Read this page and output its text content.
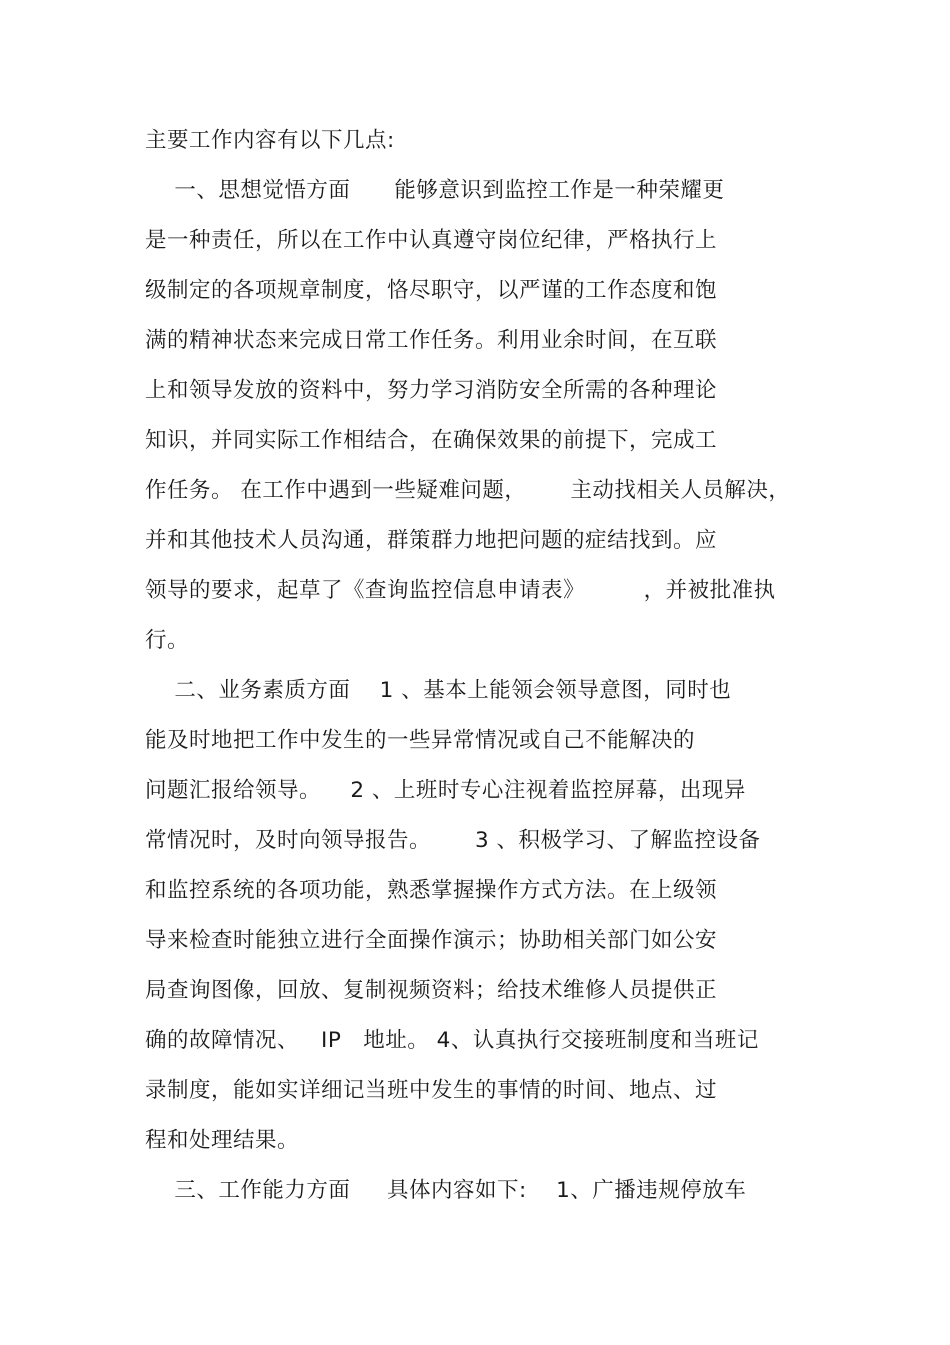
主要工作内容有以下几点:
一、思想觉悟方面      能够意识到监控工作是一种荣耀更
是一种责任，所以在工作中认真遵守岗位纪律，严格执行上
级制定的各项规章制度，恪尽职守，以严谨的工作态度和饱
满的精神状态来完成日常工作任务。利用业余时间，在互联
上和领导发放的资料中，努力学习消防安全所需的各种理论
知识，并同实际工作相结合，在确保效果的前提下，完成工
作任务。 在工作中遇到一些疑难问题，      主动找相关人员解决，
并和其他技术人员沟通，群策群力地把问题的症结找到。应
领导的要求，起草了《查询监控信息申请表》        ，并被批准执
行。
二、业务素质方面    1 、基本上能领会领导意图，同时也
能及时地把工作中发生的一些异常情况或自己不能解决的
问题汇报给领导。    2 、上班时专心注视着监控屏幕，出现异
常情况时，及时向领导报告。      3 、积极学习、了解监控设备
和监控系统的各项功能，熟悉掌握操作方式方法。在上级领
导来检查时能独立进行全面操作演示；协助相关部门如公安
局查询图像，回放、复制视频资料；给技术维修人员提供正
确的故障情况、   IP   地址。 4、认真执行交接班制度和当班记
录制度，能如实详细记当班中发生的事情的时间、地点、过
程和处理结果。
三、工作能力方面     具体内容如下:    1、广播违规停放车
